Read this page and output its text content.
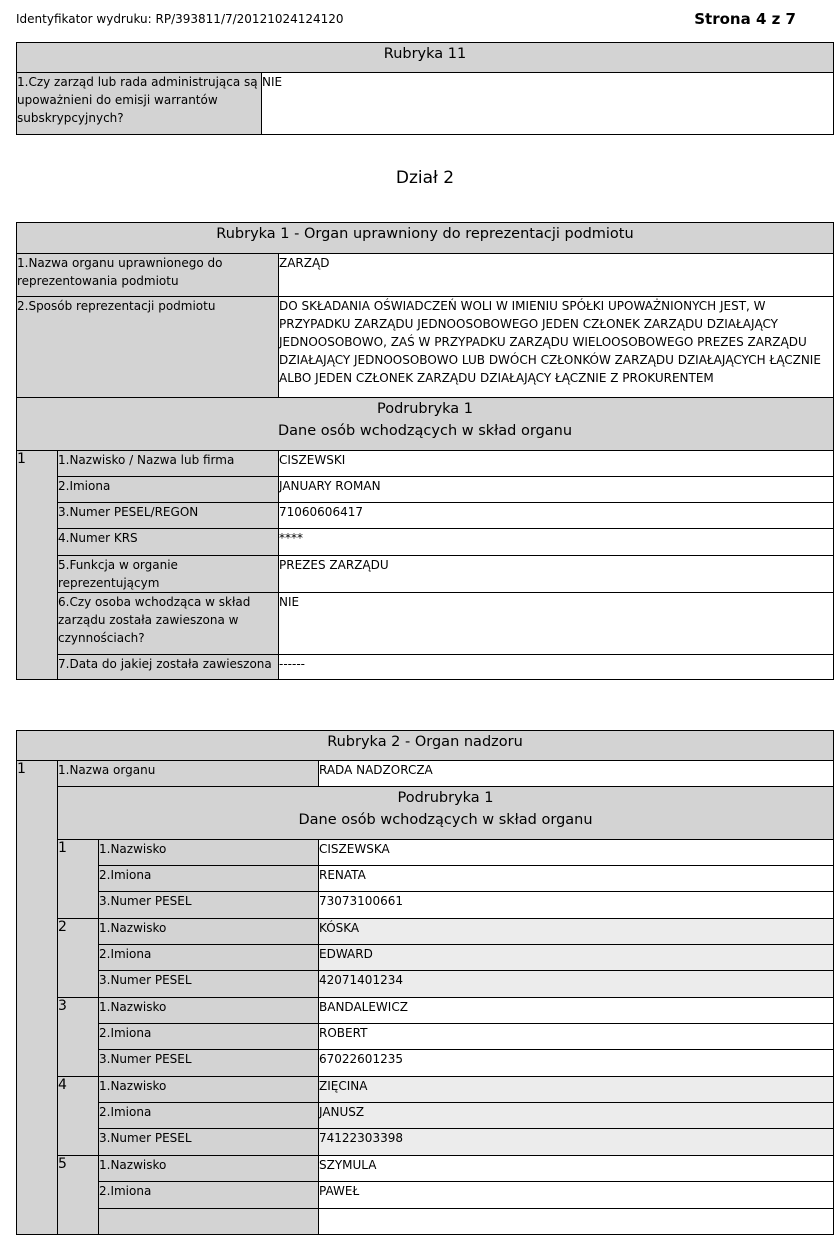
Identyfikator wydruku: RP/393811/7/20121024124120	Strona 4 z 7
Rubryka 11
1.Czy zarząd lub rada administrująca są upoważnieni do emisji warrantów subskrypcyjnych?	NIE
Dział 2
Rubryka 1 - Organ uprawniony do reprezentacji podmiotu		
1.Nazwa organu uprawnionego do reprezentowania podmiotu		ZARZĄD
2.Sposób reprezentacji podmiotu		DO SKŁADANIA OŚWIADCZEŃ WOLI W IMIENIU SPÓŁKI UPOWAŻNIONYCH JEST, W PRZYPADKU ZARZĄDU JEDNOOSOBOWEGO JEDEN CZŁONEK ZARZĄDU DZIAŁAJĄCY JEDNOOSOBOWO, ZAŚ W PRZYPADKU ZARZĄDU WIELOOSOBOWEGO PREZES ZARZĄDU DZIAŁAJĄCY JEDNOOSOBOWO LUB DWÓCH CZŁONKÓW ZARZĄDU DZIAŁAJĄCYCH ŁĄCZNIE ALBO JEDEN CZŁONEK ZARZĄDU DZIAŁAJĄCY ŁĄCZNIE Z PROKURENTEM

Podrubryka 1
Dane osób wchodzących w skład organu		

1	1.Nazwisko / Nazwa lub firma	CISZEWSKI
	2.Imiona	JANUARY ROMAN
	3.Numer PESEL/REGON	71060606417
	4.Numer KRS	****
	5.Funkcja w organie reprezentującym	PREZES ZARZĄDU
	6.Czy osoba wchodząca w skład zarządu została zawieszona w czynnościach?	NIE
	7.Data do jakiej została zawieszona	------
Rubryka 2 - Organ nadzoru			
1	1.Nazwa organu		RADA NADZORCZA

	Podrubryka 1
Dane osób wchodzących w skład organu		

	1	1.Nazwisko	CISZEWSKA
		2.Imiona	RENATA
		3.Numer PESEL	73073100661
	2	1.Nazwisko	KÓSKA
		2.Imiona	EDWARD
		3.Numer PESEL	42071401234
	3	1.Nazwisko	BANDALEWICZ
		2.Imiona	ROBERT
		3.Numer PESEL	67022601235
	4	1.Nazwisko	ZIĘCINA
		2.Imiona	JANUSZ
		3.Numer PESEL	74122303398
	5	1.Nazwisko	SZYMULA
		2.Imiona	PAWEŁ
